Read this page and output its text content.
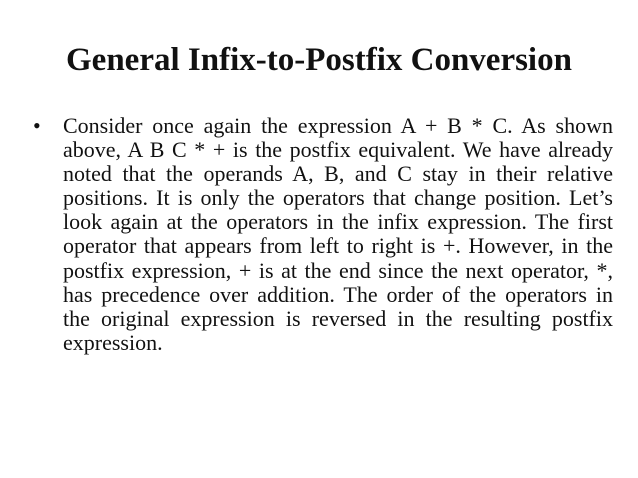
General Infix-to-Postfix Conversion
• Consider once again the expression A + B * C. As shown above, A B C * + is the postfix equivalent. We have already noted that the operands A, B, and C stay in their relative positions. It is only the operators that change position. Let’s look again at the operators in the infix expression. The first operator that appears from left to right is +. However, in the postfix expression, + is at the end since the next operator, *, has precedence over addition. The order of the operators in the original expression is reversed in the resulting postfix expression.
